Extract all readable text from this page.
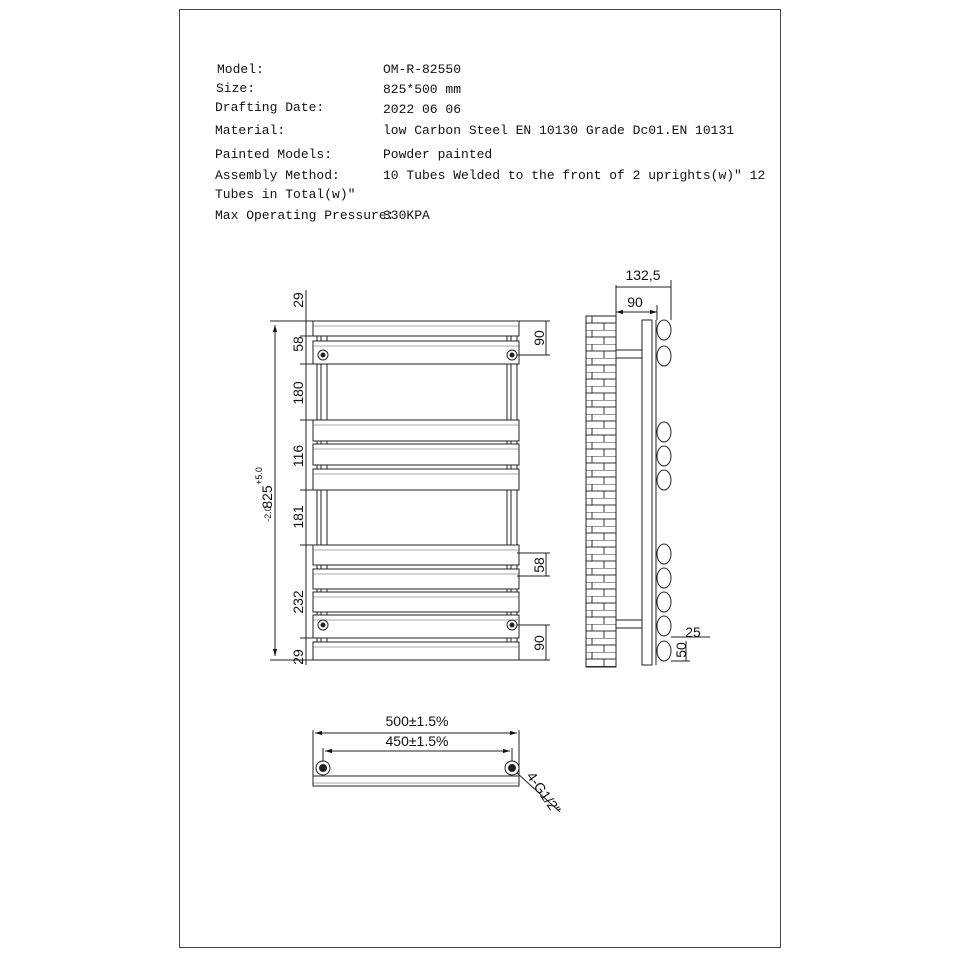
Model:	OM-R-82550
Size:	825*500 mm
Drafting Date:	2022 06 06
Material:	low Carbon Steel EN 10130 Grade Dc01.EN 10131
Painted Models:	Powder painted
Assembly Method:	10 Tubes Welded to the front of 2 uprights(w)″ 12
Tubes in Total(w)″
Max Operating Pressure:
330KPA
29
58
180
116
181
232
29
825
+5.0
-2.0
90
58
90
132,5
90
25
50
500±1.5%
450±1.5%
4-G1/2″
